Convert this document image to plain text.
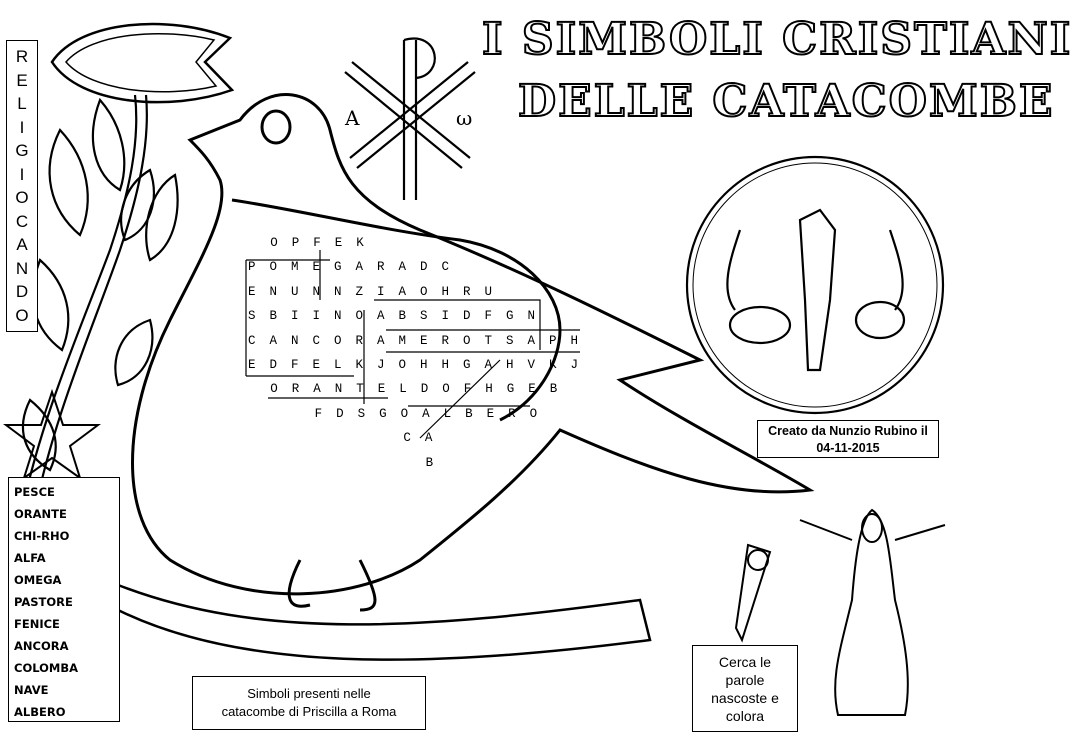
I SIMBOLI CRISTIANI
DELLE CATACOMBE
A	ω
R
E
L
I
G
I
O
C
A
N
D
O
OPFEK
POMEGARADC
ENUNNZIAOHRU
SBIINOABSIDFGN
CANCORAMEROTSAPH
EDFELKJOHHGAHVKJ
ORANTELDOFHGEB
FDSGOALBERO
CA
B
Creato da Nunzio Rubino il
04-11-2015
PESCE
ORANTE
CHI-RHO
ALFA
OMEGA
PASTORE
FENICE
ANCORA
COLOMBA
NAVE
ALBERO
Simboli presenti nelle
catacombe di Priscilla a Roma
Cerca le
parole
nascoste e
colora
